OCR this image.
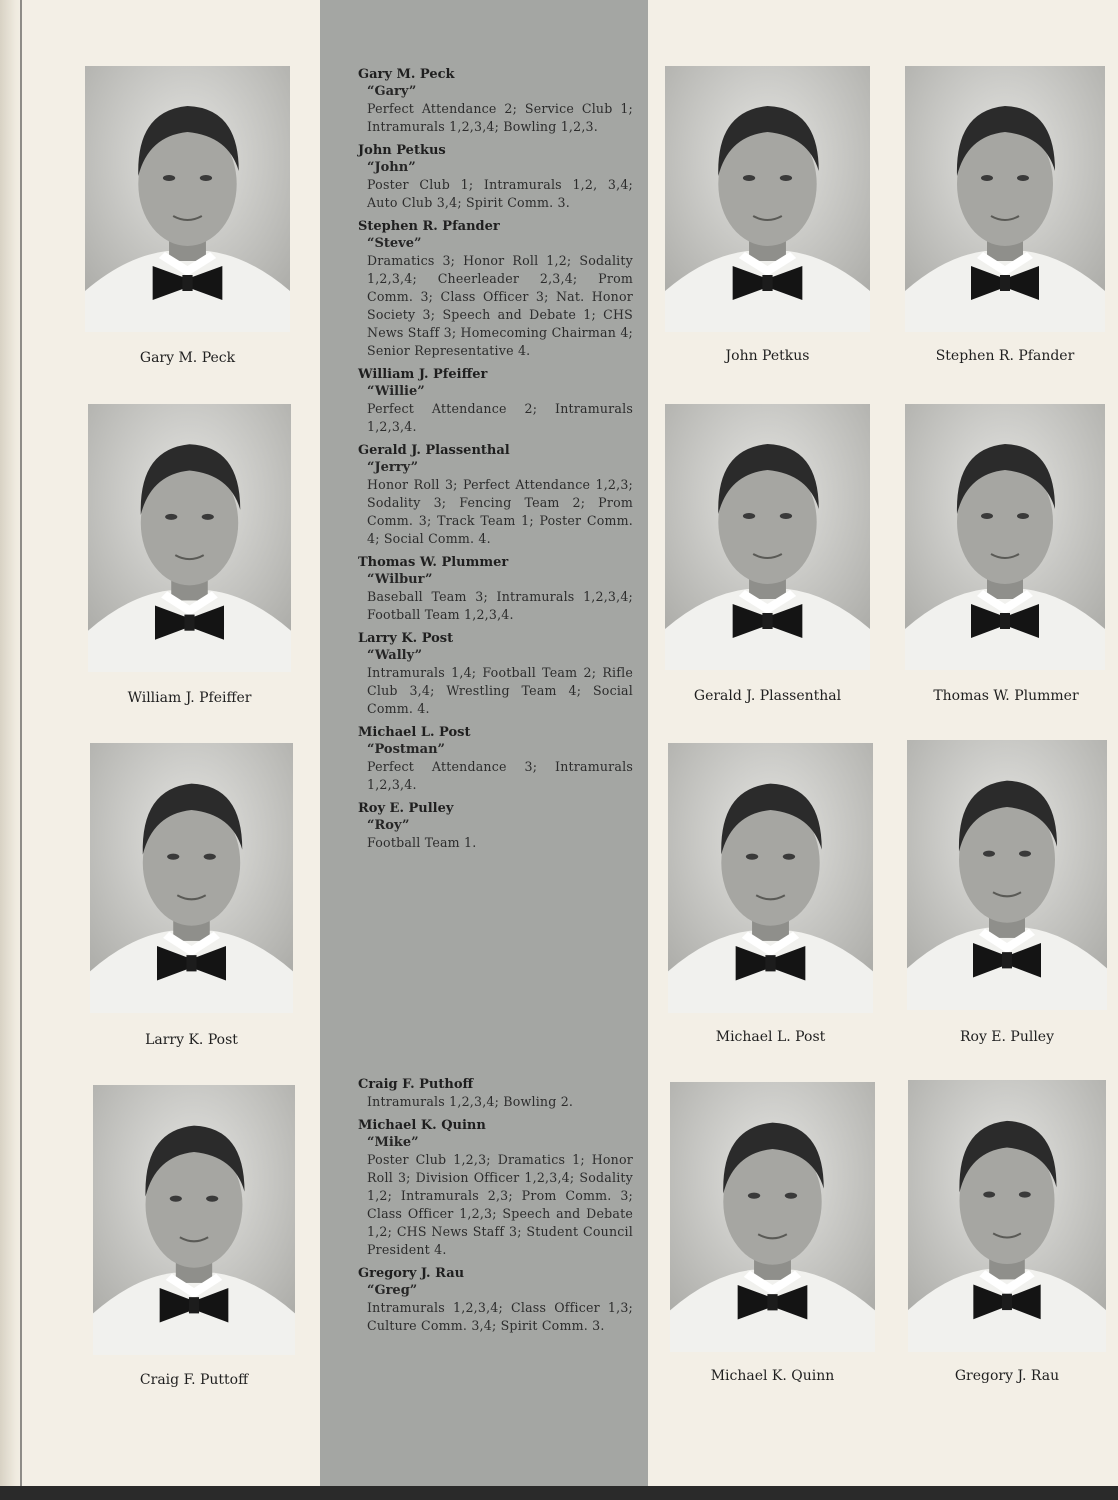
Gary M. Peck
“Gary”
Perfect Attendance 2; Service Club 1; Intramurals 1,2,3,4; Bowling 1,2,3.
John Petkus
“John”
Poster Club 1; Intramurals 1,2, 3,4; Auto Club 3,4; Spirit Comm. 3.
Stephen R. Pfander
“Steve”
Dramatics 3; Honor Roll 1,2; Sodality 1,2,3,4; Cheerleader 2,3,4; Prom Comm. 3; Class Officer 3; Nat. Honor Society 3; Speech and Debate 1; CHS News Staff 3; Homecoming Chairman 4; Senior Representative 4.
William J. Pfeiffer
“Willie”
Perfect Attendance 2; Intramurals 1,2,3,4.
Gerald J. Plassenthal
“Jerry”
Honor Roll 3; Perfect Attendance 1,2,3; Sodality 3; Fencing Team 2; Prom Comm. 3; Track Team 1; Poster Comm. 4; Social Comm. 4.
Thomas W. Plummer
“Wilbur”
Baseball Team 3; Intramurals 1,2,3,4; Football Team 1,2,3,4.
Larry K. Post
“Wally”
Intramurals 1,4; Football Team 2; Rifle Club 3,4; Wrestling Team 4; Social Comm. 4.
Michael L. Post
“Postman”
Perfect Attendance 3; Intramurals 1,2,3,4.
Roy E. Pulley
“Roy”
Football Team 1.
Craig F. Puthoff
Intramurals 1,2,3,4; Bowling 2.
Michael K. Quinn
“Mike”
Poster Club 1,2,3; Dramatics 1; Honor Roll 3; Division Officer 1,2,3,4; Sodality 1,2; Intramurals 2,3; Prom Comm. 3; Class Officer 1,2,3; Speech and Debate 1,2; CHS News Staff 3; Student Council President 4.
Gregory J. Rau
“Greg”
Intramurals 1,2,3,4; Class Officer 1,3; Culture Comm. 3,4; Spirit Comm. 3.
Gary M. Peck
William J. Pfeiffer
Larry K. Post
Craig F. Puttoff
John Petkus
Gerald J. Plassenthal
Michael L. Post
Michael K. Quinn
Stephen R. Pfander
Thomas W. Plummer
Roy E. Pulley
Gregory J. Rau
